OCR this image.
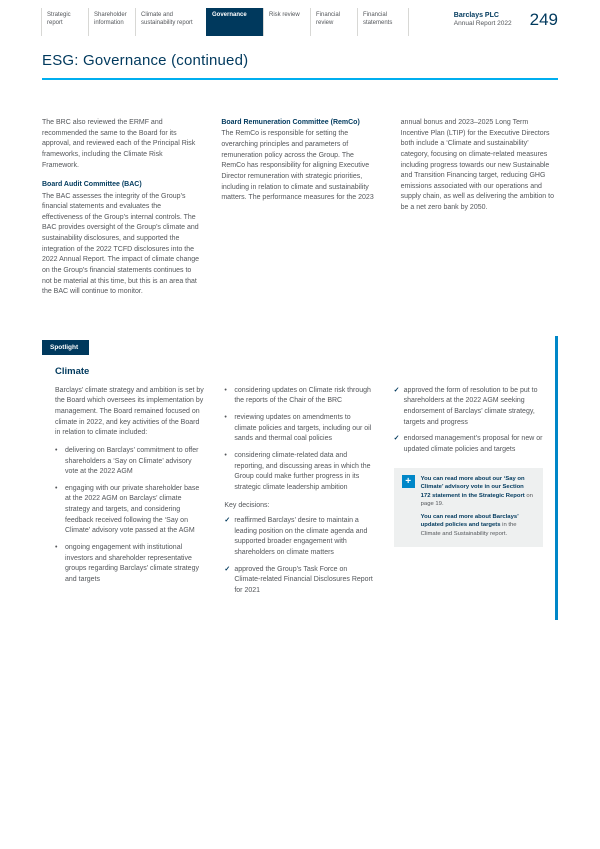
Strategic report
Shareholder information
Climate and sustainability report
Governance	Risk review	Financial review
Financial statements
Barclays PLC
Annual Report 2022 249
ESG: Governance (continued)

The BRC also reviewed the ERMF and recommended the same to the Board for its approval, and reviewed each of the Principal Risk frameworks, including the Climate Risk Framework.

Board Audit Committee (BAC)

The BAC assesses the integrity of the Group’s financial statements and evaluates the effectiveness of the Group’s internal controls. The BAC provides oversight of the Group’s climate and sustainability disclosures, and supported the integration of the 2022 TCFD disclosures into the 2022 Annual Report. The impact of climate change on the Group’s financial statements continues to not be material at this time, but this is an area that the BAC will continue to monitor.

Board Remuneration Committee (RemCo)

The RemCo is responsible for setting the overarching principles and parameters of remuneration policy across the Group. The RemCo has responsibility for aligning Executive Director remuneration with strategic priorities, including in relation to climate and sustainability matters. The performance measures for the 2023

annual bonus and 2023–2025 Long Term Incentive Plan (LTIP) for the Executive Directors both include a ‘Climate and sustainability’ category, focusing on climate-related measures including progress towards our new Sustainable and Transition Financing target, reducing GHG emissions associated with our operations and supply chain, as well as delivering the ambition to be a net zero bank by 2050.

Spotlight
Climate

Barclays’ climate strategy and ambition is set by the Board which oversees its implementation by management. The Board remained focused on climate in 2022, and key activities of the Board in relation to climate included:

•	delivering on Barclays’ commitment to offer shareholders a ‘Say on Climate’ advisory vote at the 2022 AGM
•	engaging with our private shareholder base at the 2022 AGM on Barclays’ climate strategy and targets, and considering feedback received following the ‘Say on Climate’ advisory vote passed at the AGM
•	ongoing engagement with institutional investors and shareholder representative groups regarding Barclays’ climate strategy and targets
•	considering updates on Climate risk through the reports of the Chair of the BRC
•	reviewing updates on amendments to climate policies and targets, including our oil sands and thermal coal policies
•	considering climate-related data and reporting, and discussing areas in which the Group could make further progress in its strategic climate leadership ambition

Key decisions:

✓ reaffirmed Barclays’ desire to maintain a leading position on the climate agenda and supported broader engagement with shareholders on climate matters
✓ approved the Group’s Task Force on Climate-related Financial Disclosures Report for 2021
✓ approved the form of resolution to be put to shareholders at the 2022 AGM seeking endorsement of Barclays’ climate strategy, targets and progress
✓ endorsed management’s proposal for new or updated climate policies and targets
+	You can read more about our ‘Say on Climate’ advisory vote in our Section 172 statement in the Strategic Report on page 19.

You can read more about Barclays’ updated policies and targets in the Climate and Sustainability report.
